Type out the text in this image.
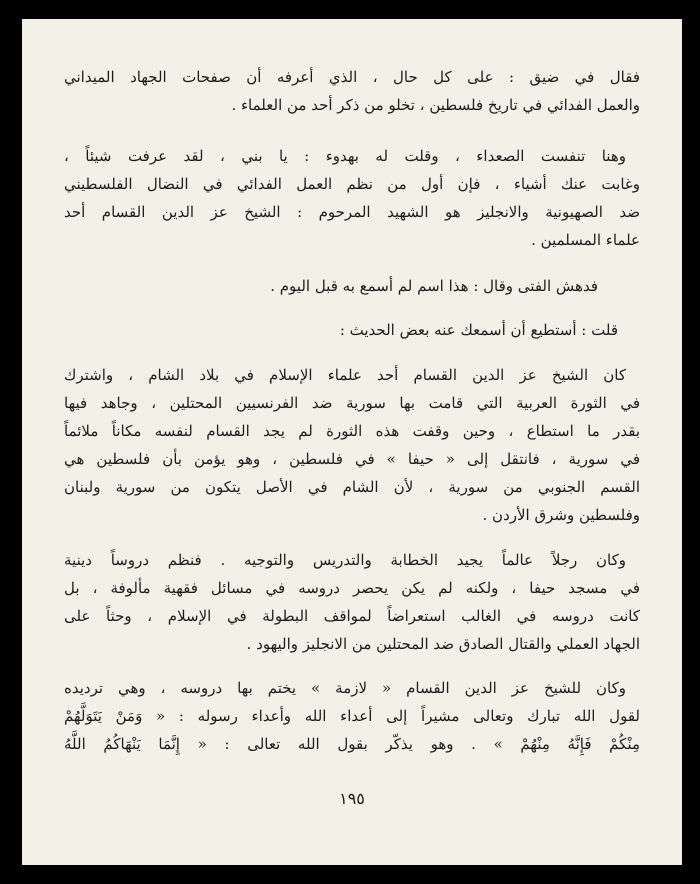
فقال في ضيق : على كل حال ، الذي أعرفه أن صفحات الجهاد الميداني
والعمل الفدائي في تاريخ فلسطين ، تخلو من ذكر أحد من العلماء .
وهنا تنفست الصعداء ، وقلت له بهدوء : يا بني ، لقد عرفت شيئاً ،
وغابت عنك أشياء ، فإن أول من نظم العمل الفدائي في النضال الفلسطيني
ضد الصهيونية والانجليز هو الشهيد المرحوم : الشيخ عز الدين القسام أحد
علماء المسلمين .
فدهش الفتى وقال : هذا اسم لم أسمع به قبل اليوم .
قلت : أستطيع أن أسمعك عنه بعض الحديث :
كان الشيخ عز الدين القسام أحد علماء الإسلام في بلاد الشام ، واشترك
في الثورة العربية التي قامت بها سورية ضد الفرنسيين المحتلين ، وجاهد فيها
بقدر ما استطاع ، وحين وقفت هذه الثورة لم يجد القسام لنفسه مكاناً ملائماً
في سورية ، فانتقل إلى « حيفا » في فلسطين ، وهو يؤمن بأن فلسطين هي
القسم الجنوبي من سورية ، لأن الشام في الأصل يتكون من سورية ولبنان
وفلسطين وشرق الأردن .
وكان رجلاً عالماً يجيد الخطابة والتدريس والتوجيه . فنظم دروساً دينية
في مسجد حيفا ، ولكنه لم يكن يحصر دروسه في مسائل فقهية مألوفة ، بل
كانت دروسه في الغالب استعراضاً لمواقف البطولة في الإسلام ، وحثاً على
الجهاد العملي والقتال الصادق ضد المحتلين من الانجليز واليهود .
وكان للشيخ عز الدين القسام « لازمة » يختم بها دروسه ، وهي ترديده
لقول الله تبارك وتعالى مشيراً إلى أعداء الله وأعداء رسوله : « وَمَنْ يَتَوَلَّهُمْ
مِنْكُمْ فَإِنَّهُ مِنْهُمْ » . وهو يذكّر بقول الله تعالى : « إِنَّمَا يَنْهَاكُمُ اللَّهُ
١٩٥
